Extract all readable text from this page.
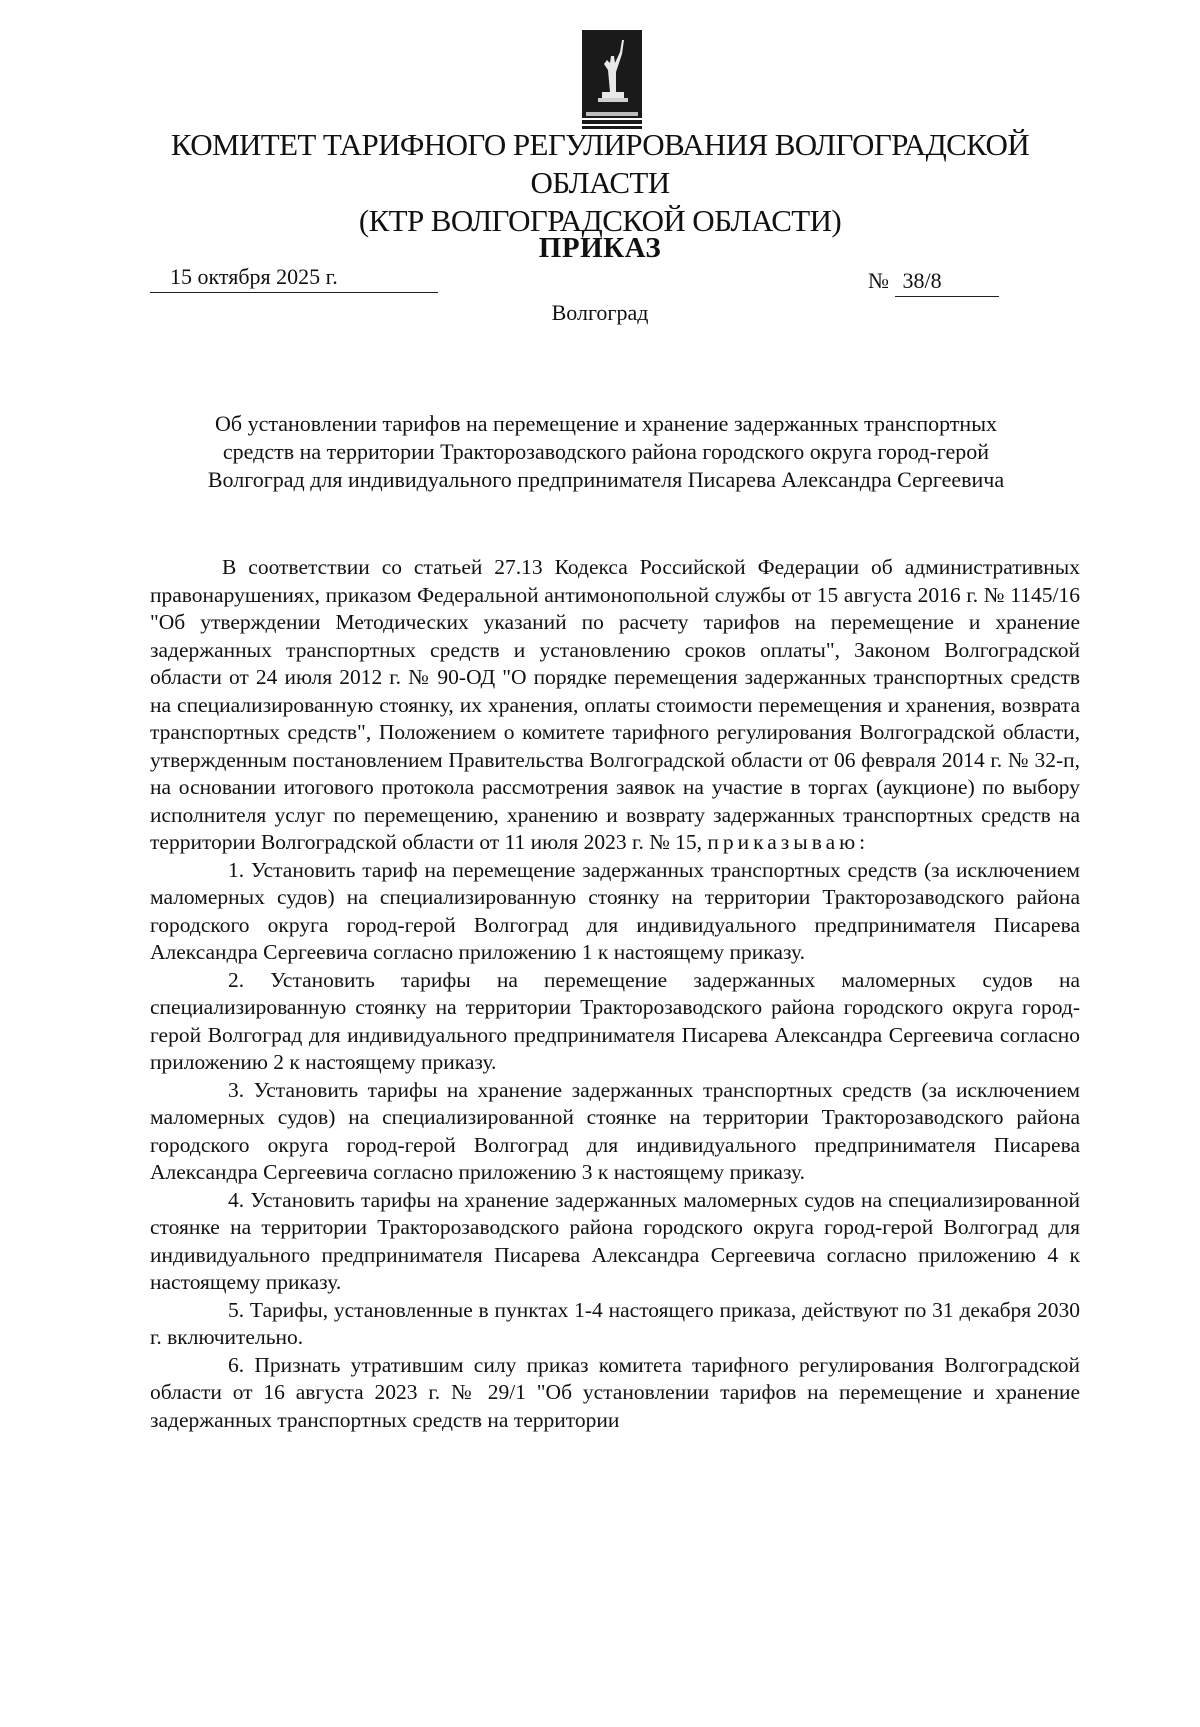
КОМИТЕТ ТАРИФНОГО РЕГУЛИРОВАНИЯ ВОЛГОГРАДСКОЙ ОБЛАСТИ
(КТР ВОЛГОГРАДСКОЙ ОБЛАСТИ)
ПРИКАЗ
15 октября 2025 г.	№ 38/8
Волгоград
Об установлении тарифов на перемещение и хранение задержанных транспортных
средств на территории Тракторозаводского района городского округа город-герой
Волгоград для индивидуального предпринимателя Писарева Александра Сергеевича

В соответствии со статьей 27.13 Кодекса Российской Федерации об административных правонарушениях, приказом Федеральной антимонопольной службы от 15 августа 2016 г. № 1145/16 "Об утверждении Методических указаний по расчету тарифов на перемещение и хранение задержанных транспортных средств и установлению сроков оплаты", Законом Волгоградской области от 24 июля 2012 г. № 90-ОД "О порядке перемещения задержанных транспортных средств на специализированную стоянку, их хранения, оплаты стоимости перемещения и хранения, возврата транспортных средств", Положением о комитете тарифного регулирования Волгоградской области, утвержденным постановлением Правительства Волгоградской области от 06 февраля 2014 г. № 32-п, на основании итогового протокола рассмотрения заявок на участие в торгах (аукционе) по выбору исполнителя услуг по перемещению, хранению и возврату задержанных транспортных средств на территории Волгоградской области от 11 июля 2023 г. № 15, приказываю:

1. Установить тариф на перемещение задержанных транспортных средств (за исключением маломерных судов) на специализированную стоянку на территории Тракторозаводского района городского округа город-герой Волгоград для индивидуального предпринимателя Писарева Александра Сергеевича согласно приложению 1 к настоящему приказу.

2. Установить тарифы на перемещение задержанных маломерных судов на специализированную стоянку на территории Тракторозаводского района городского округа город-герой Волгоград для индивидуального предпринимателя Писарева Александра Сергеевича согласно приложению 2 к настоящему приказу.

3. Установить тарифы на хранение задержанных транспортных средств (за исключением маломерных судов) на специализированной стоянке на территории Тракторозаводского района городского округа город-герой Волгоград для индивидуального предпринимателя Писарева Александра Сергеевича согласно приложению 3 к настоящему приказу.

4. Установить тарифы на хранение задержанных маломерных судов на специализированной стоянке на территории Тракторозаводского района городского округа город-герой Волгоград для индивидуального предпринимателя Писарева Александра Сергеевича согласно приложению 4 к настоящему приказу.

5. Тарифы, установленные в пунктах 1-4 настоящего приказа, действуют по 31 декабря 2030 г. включительно.

6. Признать утратившим силу приказ комитета тарифного регулирования Волгоградской области от 16 августа 2023 г. № 29/1 "Об установлении тарифов на перемещение и хранение задержанных транспортных средств на территории
